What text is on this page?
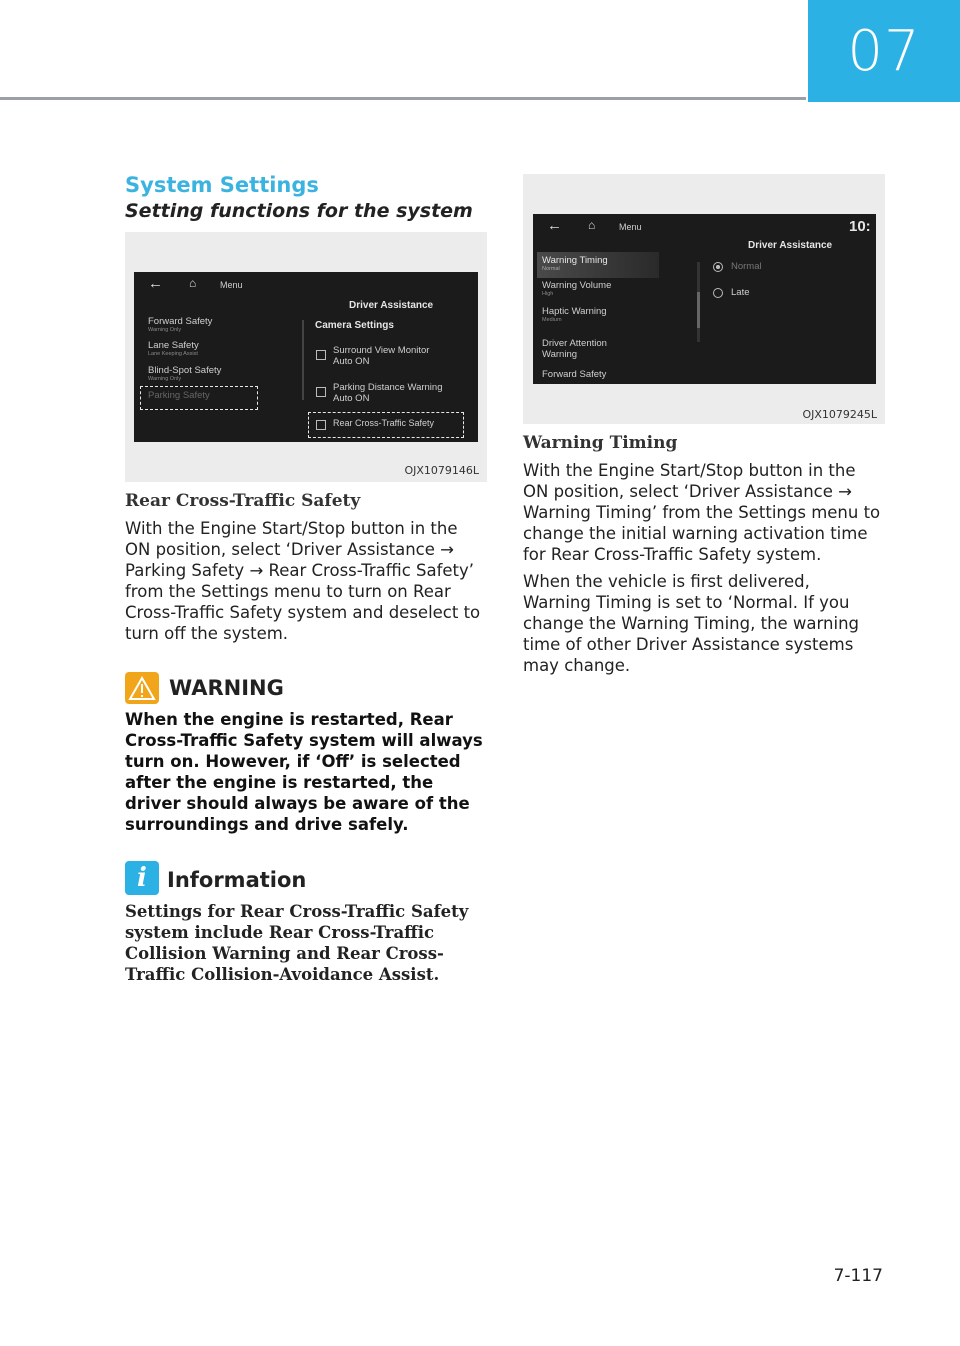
07
System Settings
Setting functions for the system
← ⌂	Menu
Driver Assistance
Forward Safety
Warning Only
Lane Safety
Lane Keeping Assist
Blind-Spot Safety
Warning Only
Parking Safety
Camera Settings
Surround View Monitor
Auto ON
Parking Distance Warning
Auto ON
Rear Cross-Traffic Safety
OJX1079146L
Rear Cross-Traffic Safety
With the Engine Start/Stop button in the ON position, select ‘Driver Assistance → Parking Safety → Rear Cross-Traffic Safety’ from the Settings menu to turn on Rear Cross-Traffic Safety system and deselect to turn off the system.
WARNING
When the engine is restarted, Rear Cross-Traffic Safety system will always turn on. However, if ‘Off’ is selected after the engine is restarted, the driver should always be aware of the surroundings and drive safely.
i Information
Settings for Rear Cross-Traffic Safety system include Rear Cross-Traffic Collision Warning and Rear Cross-Traffic Collision-Avoidance Assist.
← ⌂	Menu	10:
Driver Assistance
Warning Timing
Normal
Warning Volume
High
Haptic Warning
Medium
Driver Attention Warning
Forward Safety
Normal
Late
OJX1079245L
Warning Timing
With the Engine Start/Stop button in the ON position, select ‘Driver Assistance → Warning Timing’ from the Settings menu to change the initial warning activation time for Rear Cross-Traffic Safety system.
When the vehicle is first delivered, Warning Timing is set to ‘Normal. If you change the Warning Timing, the warning time of other Driver Assistance systems may change.
7-117
